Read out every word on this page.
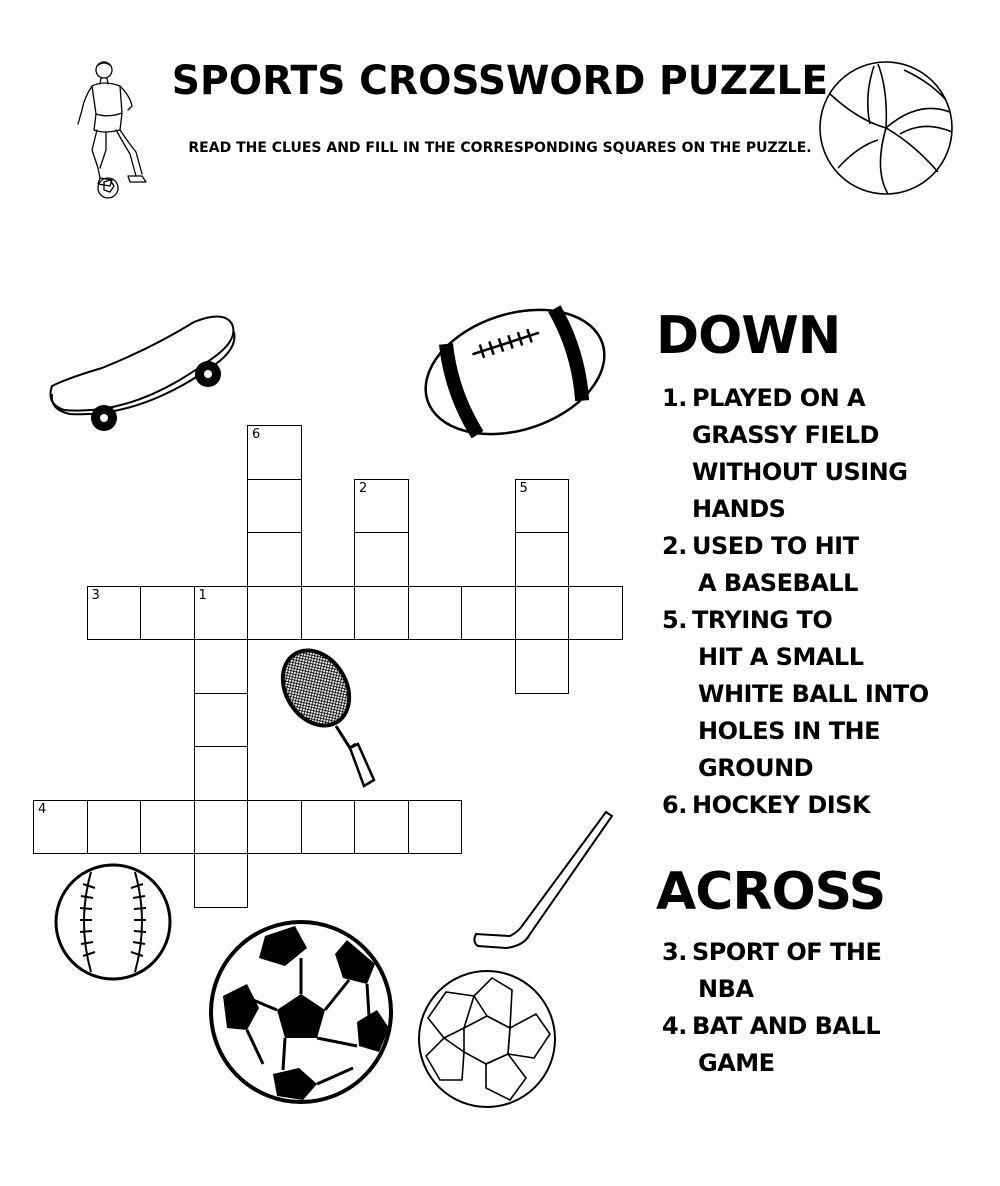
SPORTS CROSSWORD PUZZLE
READ THE CLUES AND FILL IN THE CORRESPONDING SQUARES ON THE PUZZLE.
6
2	5
3	1
4
DOWN
1. PLAYED ON A
GRASSY FIELD
WITHOUT USING
HANDS
2. USED TO HIT
A BASEBALL
5. TRYING TO
HIT A SMALL
WHITE BALL INTO
HOLES IN THE
GROUND
6. HOCKEY DISK
ACROSS
3. SPORT OF THE
NBA
4. BAT AND BALL
GAME
